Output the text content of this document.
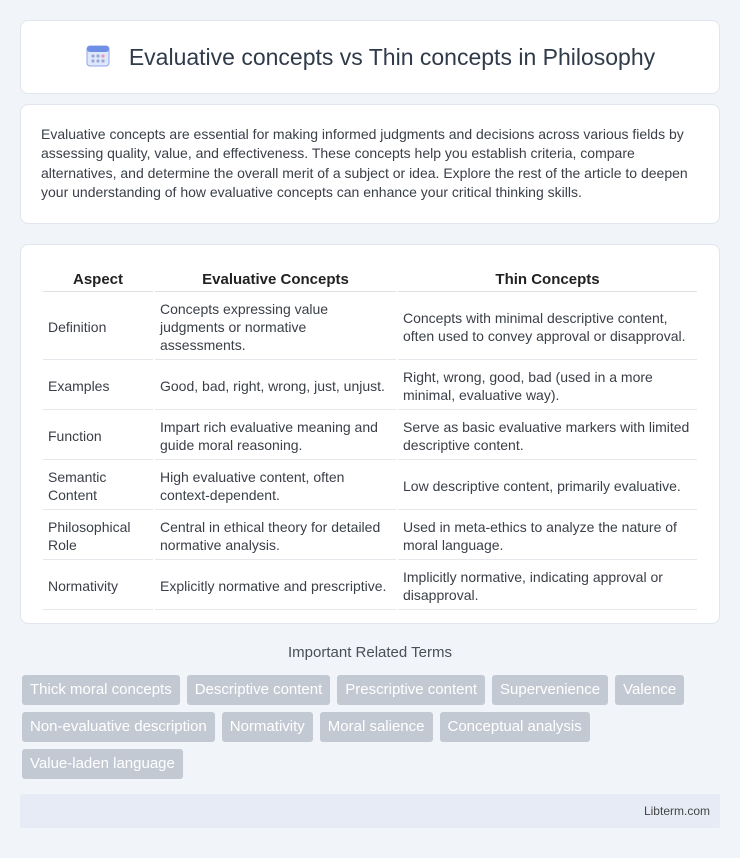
Evaluative concepts vs Thin concepts in Philosophy

Evaluative concepts are essential for making informed judgments and decisions across various fields by assessing quality, value, and effectiveness. These concepts help you establish criteria, compare alternatives, and determine the overall merit of a subject or idea. Explore the rest of the article to deepen your understanding of how evaluative concepts can enhance your critical thinking skills.

Aspect	Evaluative Concepts	Thin Concepts
Definition	Concepts expressing value judgments or normative assessments.	Concepts with minimal descriptive content, often used to convey approval or disapproval.
Examples	Good, bad, right, wrong, just, unjust.	Right, wrong, good, bad (used in a more minimal, evaluative way).
Function	Impart rich evaluative meaning and guide moral reasoning.	Serve as basic evaluative markers with limited descriptive content.
Semantic Content	High evaluative content, often context-dependent.	Low descriptive content, primarily evaluative.
Philosophical Role	Central in ethical theory for detailed normative analysis.	Used in meta-ethics to analyze the nature of moral language.
Normativity	Explicitly normative and prescriptive.	Implicitly normative, indicating approval or disapproval.
Important Related Terms
Thick moral concepts	Descriptive content	Prescriptive content	Supervenience	Valence
Non-evaluative description	Normativity	Moral salience	Conceptual analysis
Value-laden language
Libterm.com
